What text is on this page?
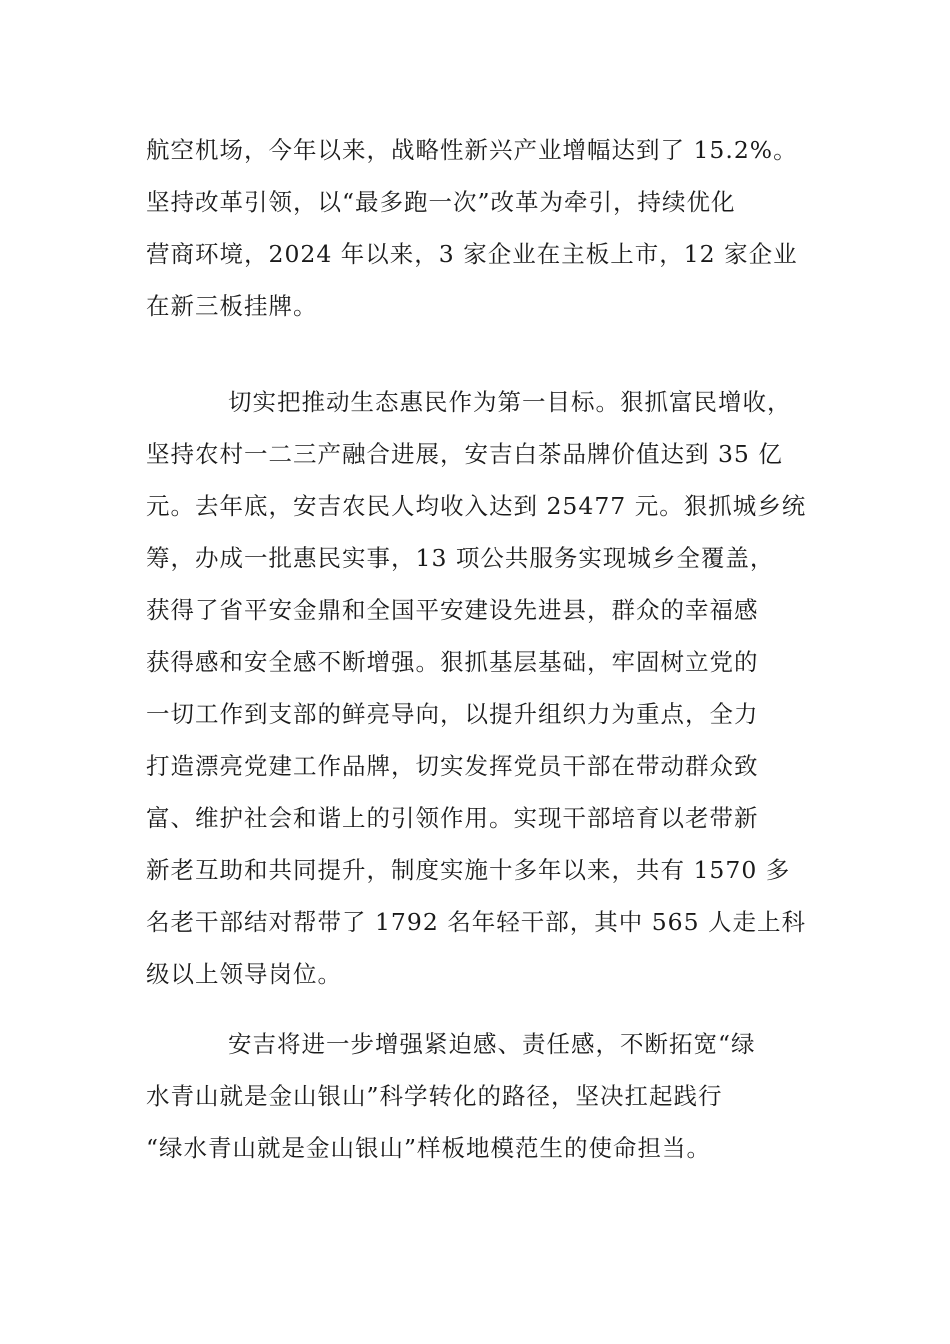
航空机场，今年以来，战略性新兴产业增幅达到了 15.2%。
坚持改革引领，以“最多跑一次”改革为牵引，持续优化
营商环境，2024 年以来，3 家企业在主板上市，12 家企业
在新三板挂牌。
切实把推动生态惠民作为第一目标。狠抓富民增收，
坚持农村一二三产融合进展，安吉白茶品牌价值达到 35 亿
元。去年底，安吉农民人均收入达到 25477 元。狠抓城乡统
筹，办成一批惠民实事，13 项公共服务实现城乡全覆盖，
获得了省平安金鼎和全国平安建设先进县，群众的幸福感
获得感和安全感不断增强。狠抓基层基础，牢固树立党的
一切工作到支部的鲜亮导向，以提升组织力为重点，全力
打造漂亮党建工作品牌，切实发挥党员干部在带动群众致
富、维护社会和谐上的引领作用。实现干部培育以老带新
新老互助和共同提升，制度实施十多年以来，共有 1570 多
名老干部结对帮带了 1792 名年轻干部，其中 565 人走上科
级以上领导岗位。
安吉将进一步增强紧迫感、责任感，不断拓宽“绿
水青山就是金山银山”科学转化的路径，坚决扛起践行
“绿水青山就是金山银山”样板地模范生的使命担当。
